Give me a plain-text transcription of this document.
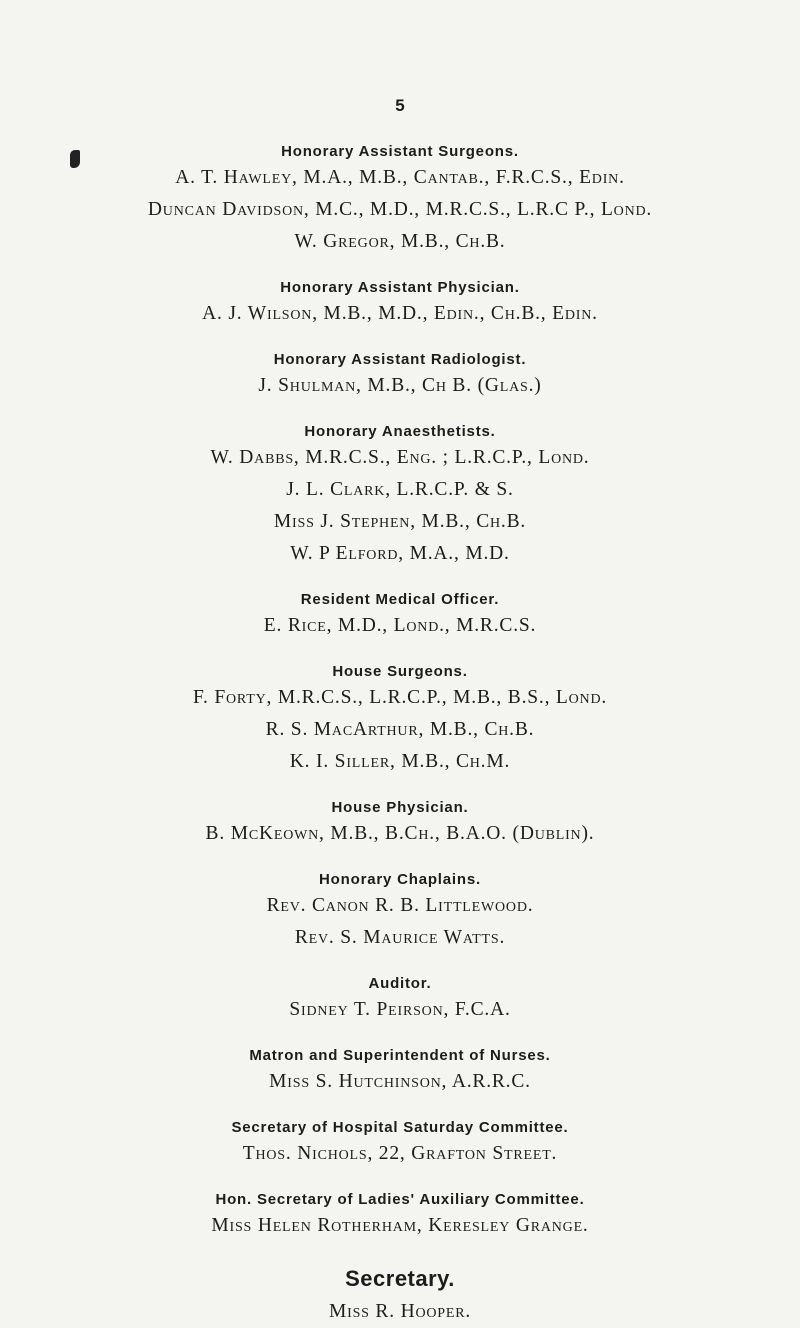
5
Honorary Assistant Surgeons.
A. T. Hawley, M.A., M.B., Cantab., F.R.C.S., Edin.
Duncan Davidson, M.C., M.D., M.R.C.S., L.R.C P., Lond.
W. Gregor, M.B., Ch.B.
Honorary Assistant Physician.
A. J. Wilson, M.B., M.D., Edin., Ch.B., Edin.
Honorary Assistant Radiologist.
J. Shulman, M.B., Ch B. (Glas.)
Honorary Anaesthetists.
W. Dabbs, M.R.C.S., Eng. ; L.R.C.P., Lond.
J. L. Clark, L.R.C.P. & S.
Miss J. Stephen, M.B., Ch.B.
W. P Elford, M.A., M.D.
Resident Medical Officer.
E. Rice, M.D., Lond., M.R.C.S.
House Surgeons.
F. Forty, M.R.C.S., L.R.C.P., M.B., B.S., Lond.
R. S. MacArthur, M.B., Ch.B.
K. I. Siller, M.B., Ch.M.
House Physician.
B. McKeown, M.B., B.Ch., B.A.O. (Dublin).
Honorary Chaplains.
Rev. Canon R. B. Littlewood.
Rev. S. Maurice Watts.
Auditor.
Sidney T. Peirson, F.C.A.
Matron and Superintendent of Nurses.
Miss S. Hutchinson, A.R.R.C.
Secretary of Hospital Saturday Committee.
Thos. Nichols, 22, Grafton Street.
Hon. Secretary of Ladies' Auxiliary Committee.
Miss Helen Rotherham, Keresley Grange.
Secretary.
Miss R. Hooper.
